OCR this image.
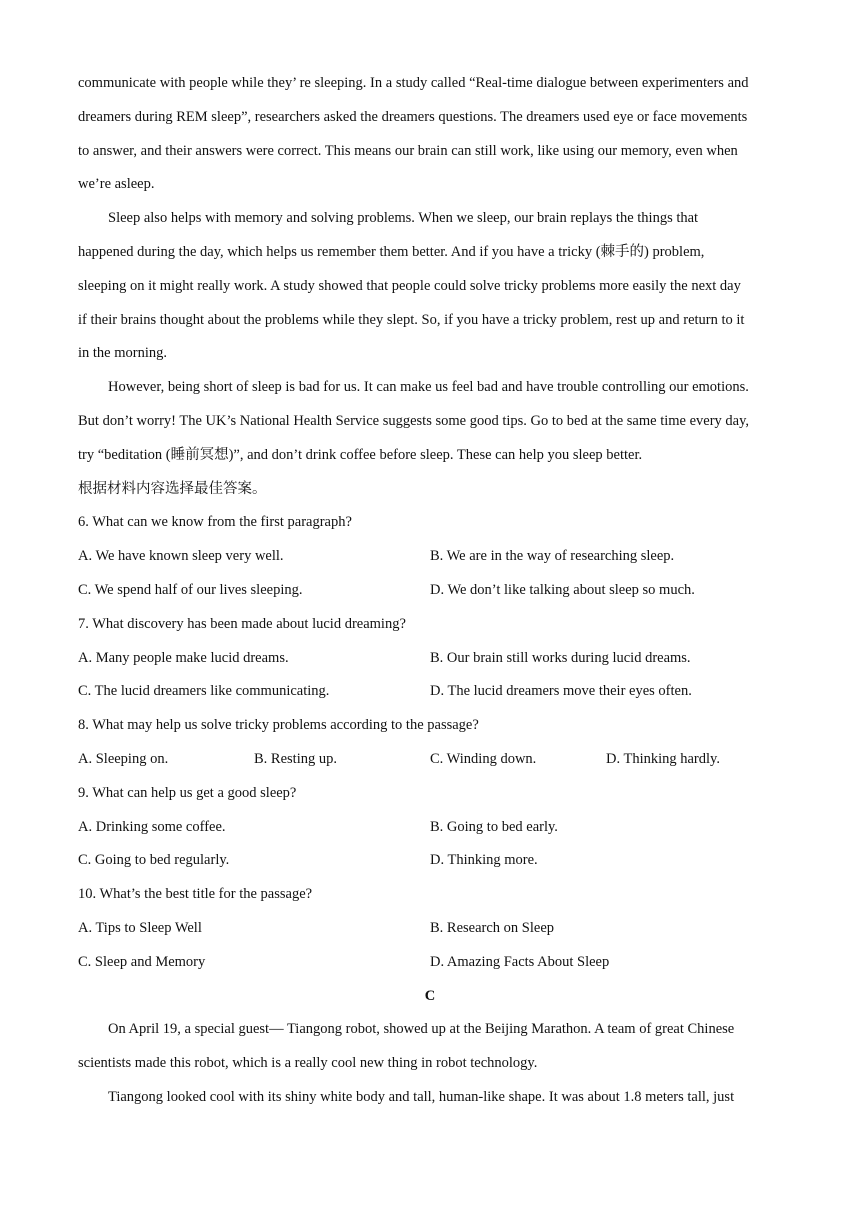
communicate with people while they’ re sleeping. In a study called “Real-time dialogue between experimenters and
dreamers during REM sleep”, researchers asked the dreamers questions. The dreamers used eye or face movements
to answer, and their answers were correct. This means our brain can still work, like using our memory, even when
we’re asleep.
Sleep also helps with memory and solving problems. When we sleep, our brain replays the things that
happened during the day, which helps us remember them better. And if you have a tricky (棘手的) problem,
sleeping on it might really work. A study showed that people could solve tricky problems more easily the next day
if their brains thought about the problems while they slept. So, if you have a tricky problem, rest up and return to it
in the morning.
However, being short of sleep is bad for us. It can make us feel bad and have trouble controlling our emotions.
But don’t worry! The UK’s National Health Service suggests some good tips. Go to bed at the same time every day,
try “beditation (睡前冥想)”, and don’t drink coffee before sleep. These can help you sleep better.
根据材料内容选择最佳答案。
6. What can we know from the first paragraph?
A. We have known sleep very well.	B. We are in the way of researching sleep.
C. We spend half of our lives sleeping.	D. We don’t like talking about sleep so much.
7. What discovery has been made about lucid dreaming?
A. Many people make lucid dreams.	B. Our brain still works during lucid dreams.
C. The lucid dreamers like communicating.	D. The lucid dreamers move their eyes often.
8. What may help us solve tricky problems according to the passage?
A. Sleeping on.	B. Resting up.	C. Winding down.	D. Thinking hardly.
9. What can help us get a good sleep?
A. Drinking some coffee.	B. Going to bed early.
C. Going to bed regularly.	D. Thinking more.
10. What’s the best title for the passage?
A. Tips to Sleep Well	B. Research on Sleep
C. Sleep and Memory	D. Amazing Facts About Sleep
C
On April 19, a special guest— Tiangong robot, showed up at the Beijing Marathon. A team of great Chinese
scientists made this robot, which is a really cool new thing in robot technology.
Tiangong looked cool with its shiny white body and tall, human-like shape. It was about 1.8 meters tall, just
